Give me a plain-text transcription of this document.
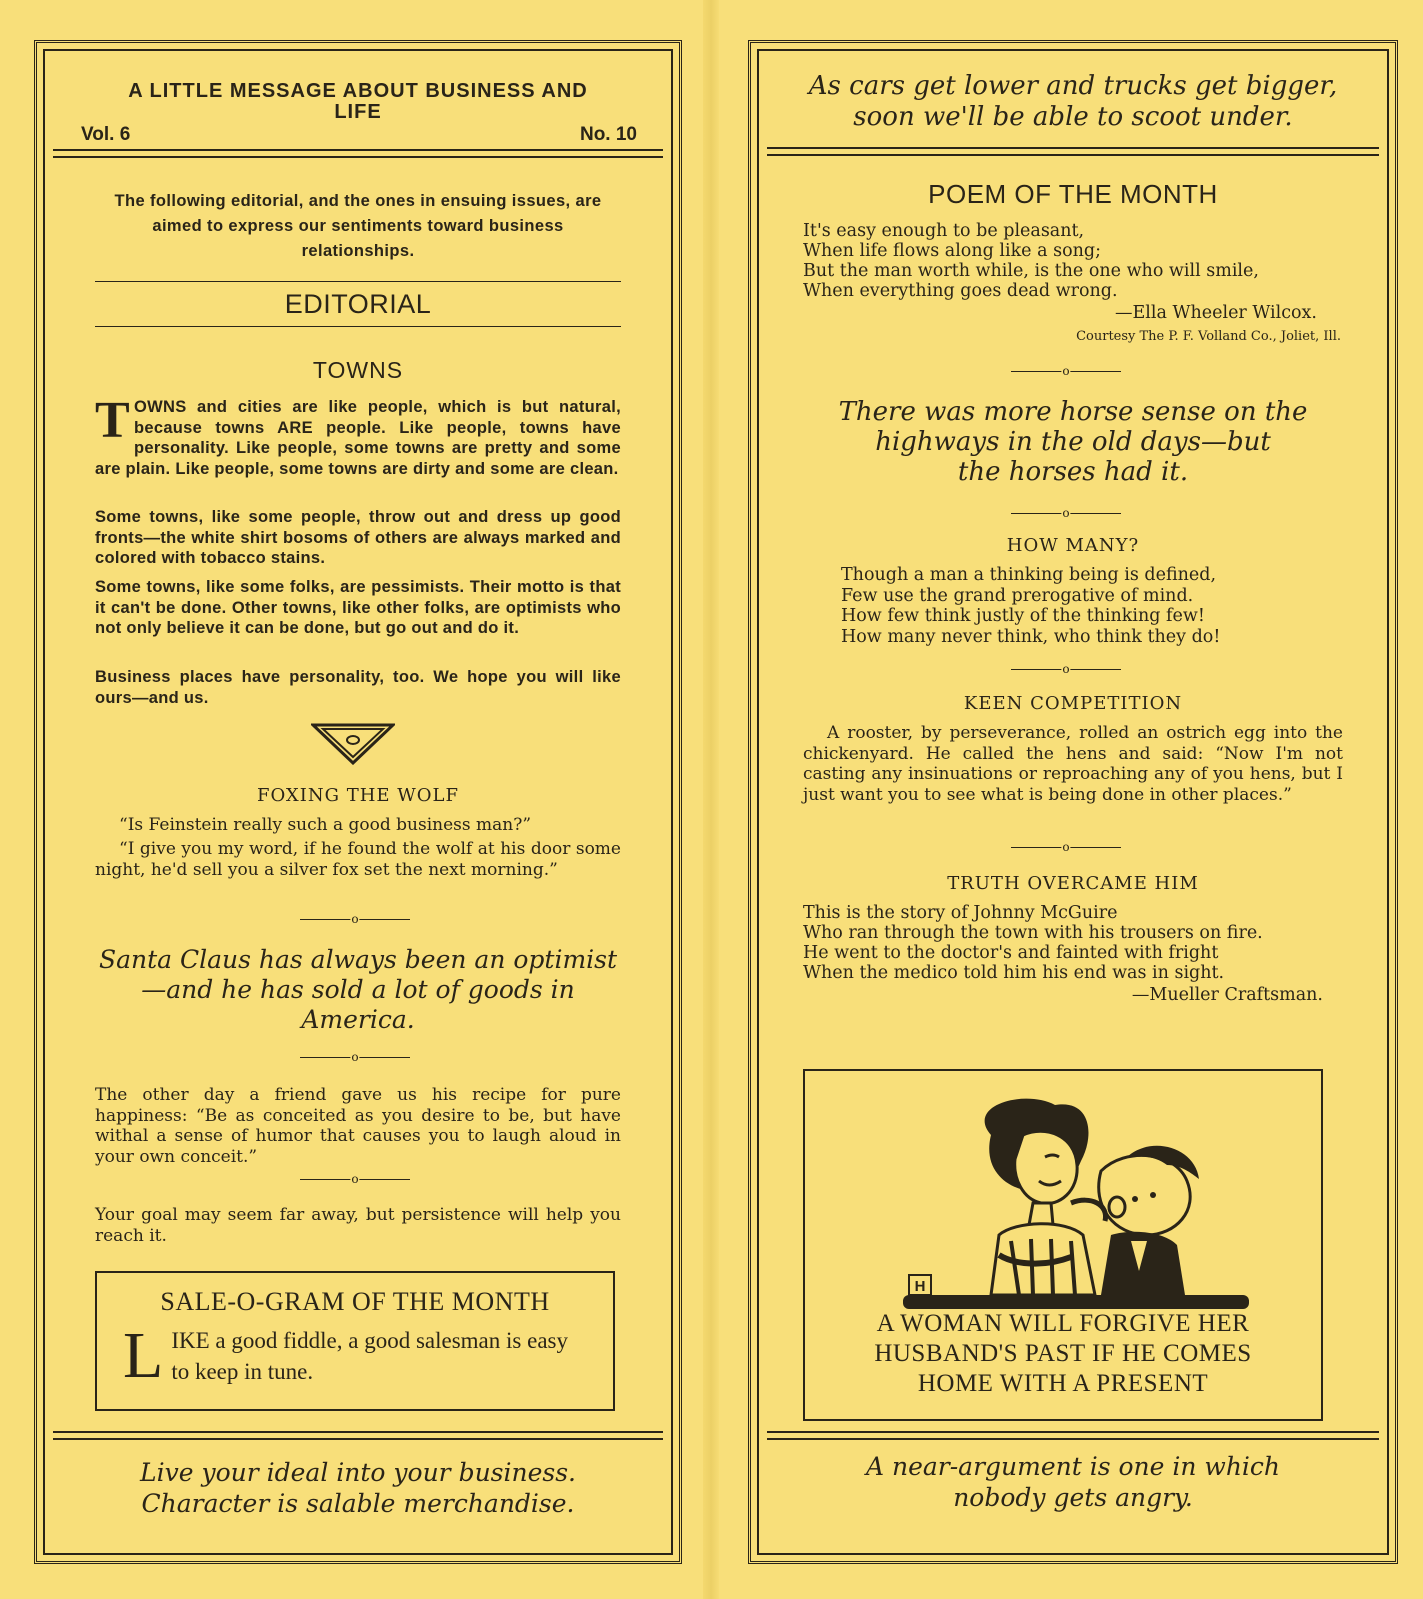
A LITTLE MESSAGE ABOUT BUSINESS AND LIFE
Vol. 6	No. 10
The following editorial, and the ones in ensuing issues, are aimed to express our sentiments toward business relationships.
EDITORIAL
TOWNS
TOWNS and cities are like people, which is but natural, because towns ARE people. Like people, towns have personality. Like people, some towns are pretty and some are plain. Like people, some towns are dirty and some are clean.
Some towns, like some people, throw out and dress up good fronts—the white shirt bosoms of others are always marked and colored with tobacco stains.
Some towns, like some folks, are pessimists. Their motto is that it can't be done. Other towns, like other folks, are optimists who not only believe it can be done, but go out and do it.
Business places have personality, too. We hope you will like ours—and us.
FOXING THE WOLF
“Is Feinstein really such a good business man?”
“I give you my word, if he found the wolf at his door some night, he'd sell you a silver fox set the next morning.”
o
Santa Claus has always been an optimist—and he has sold a lot of goods in America.
o
The other day a friend gave us his recipe for pure happiness: “Be as conceited as you desire to be, but have withal a sense of humor that causes you to laugh aloud in your own conceit.”
o
Your goal may seem far away, but persistence will help you reach it.
SALE-O-GRAM OF THE MONTH
LIKE a good fiddle, a good salesman is easy to keep in tune.
Live your ideal into your business.
Character is salable merchandise.
As cars get lower and trucks get bigger,
soon we'll be able to scoot under.
POEM OF THE MONTH
It's easy enough to be pleasant,
When life flows along like a song;
But the man worth while, is the one who will smile,
When everything goes dead wrong.
—Ella Wheeler Wilcox.
Courtesy The P. F. Volland Co., Joliet, Ill.
o
There was more horse sense on the
highways in the old days—but
the horses had it.
o
HOW MANY?
Though a man a thinking being is defined,
Few use the grand prerogative of mind.
How few think justly of the thinking few!
How many never think, who think they do!
o
KEEN COMPETITION
A rooster, by perseverance, rolled an ostrich egg into the chickenyard. He called the hens and said: “Now I'm not casting any insinuations or reproaching any of you hens, but I just want you to see what is being done in other places.”
o
TRUTH OVERCAME HIM
This is the story of Johnny McGuire
Who ran through the town with his trousers on fire.
He went to the doctor's and fainted with fright
When the medico told him his end was in sight.
—Mueller Craftsman.
H
A WOMAN WILL FORGIVE HER
HUSBAND'S PAST IF HE COMES
HOME WITH A PRESENT
A near-argument is one in which
nobody gets angry.
